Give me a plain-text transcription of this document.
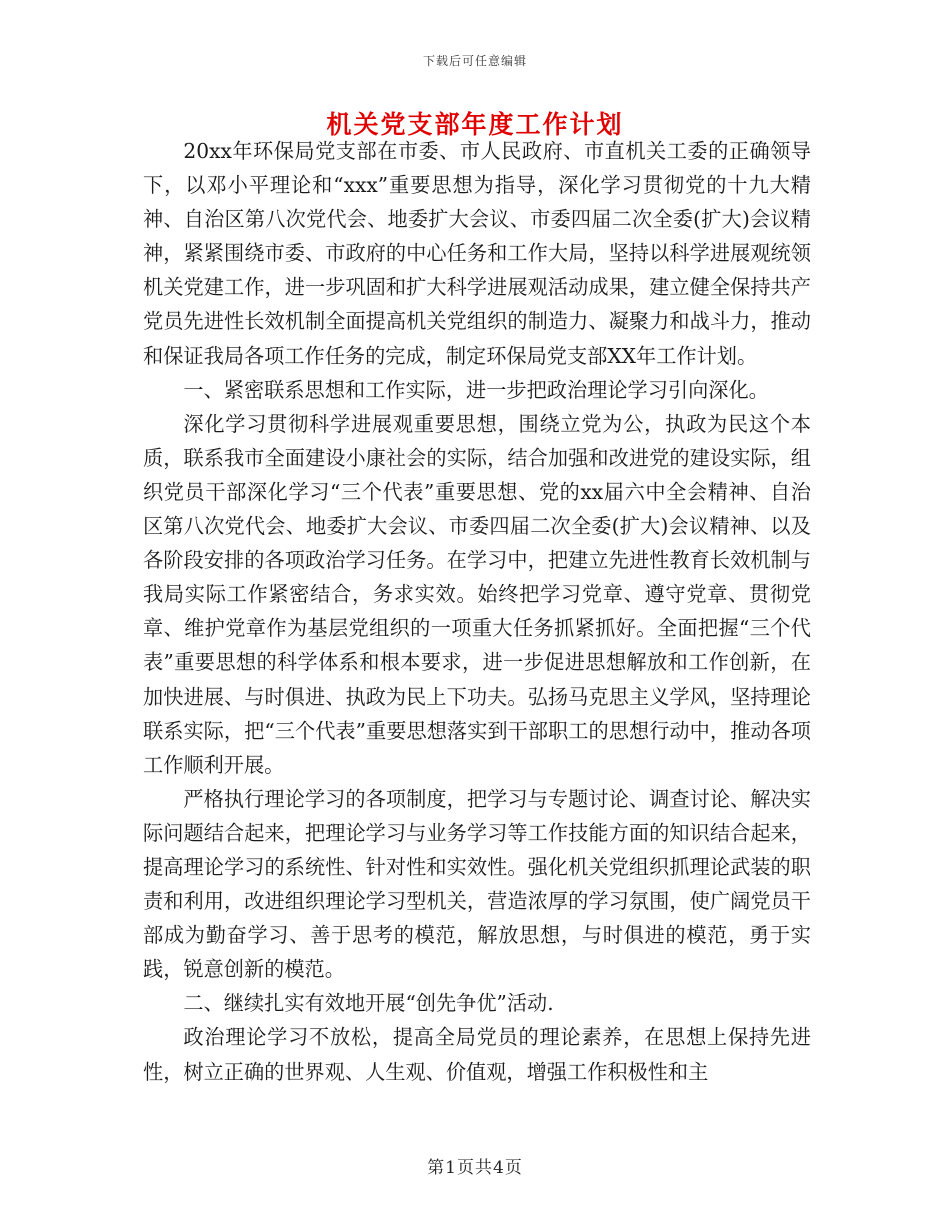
下载后可任意编辑
机关党支部年度工作计划

20xx年环保局党支部在市委、市人民政府、市直机关工委的正确领导下，以邓小平理论和“xxx”重要思想为指导，深化学习贯彻党的十九大精神、自治区第八次党代会、地委扩大会议、市委四届二次全委(扩大)会议精神，紧紧围绕市委、市政府的中心任务和工作大局，坚持以科学进展观统领机关党建工作，进一步巩固和扩大科学进展观活动成果，建立健全保持共产党员先进性长效机制全面提高机关党组织的制造力、凝聚力和战斗力，推动和保证我局各项工作任务的完成，制定环保局党支部XX年工作计划。

一、紧密联系思想和工作实际，进一步把政治理论学习引向深化。

深化学习贯彻科学进展观重要思想，围绕立党为公，执政为民这个本质，联系我市全面建设小康社会的实际，结合加强和改进党的建设实际，组织党员干部深化学习“三个代表”重要思想、党的xx届六中全会精神、自治区第八次党代会、地委扩大会议、市委四届二次全委(扩大)会议精神、以及各阶段安排的各项政治学习任务。在学习中，把建立先进性教育长效机制与我局实际工作紧密结合，务求实效。始终把学习党章、遵守党章、贯彻党章、维护党章作为基层党组织的一项重大任务抓紧抓好。全面把握“三个代表”重要思想的科学体系和根本要求，进一步促进思想解放和工作创新，在加快进展、与时俱进、执政为民上下功夫。弘扬马克思主义学风，坚持理论联系实际，把“三个代表”重要思想落实到干部职工的思想行动中，推动各项工作顺利开展。

严格执行理论学习的各项制度，把学习与专题讨论、调查讨论、解决实际问题结合起来，把理论学习与业务学习等工作技能方面的知识结合起来，提高理论学习的系统性、针对性和实效性。强化机关党组织抓理论武装的职责和利用，改进组织理论学习型机关，营造浓厚的学习氛围，使广阔党员干部成为勤奋学习、善于思考的模范，解放思想，与时俱进的模范，勇于实践，锐意创新的模范。

二、继续扎实有效地开展“创先争优”活动.

政治理论学习不放松，提高全局党员的理论素养，在思想上保持先进性，树立正确的世界观、人生观、价值观，增强工作积极性和主

第1页共4页
